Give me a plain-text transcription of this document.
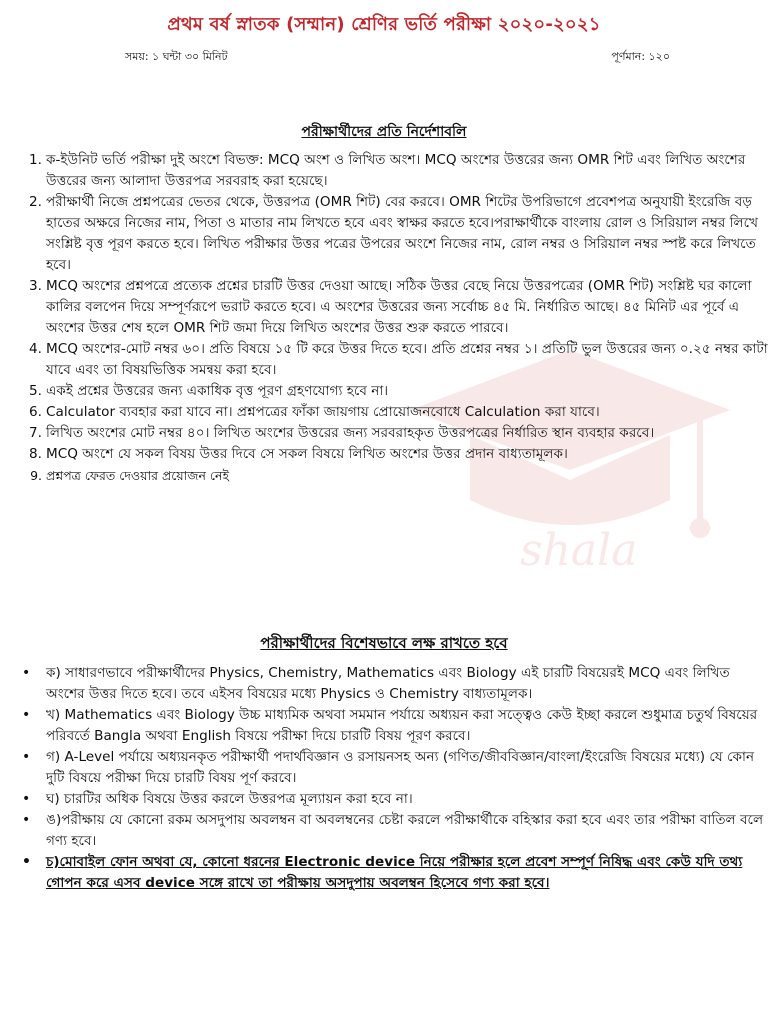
shala
প্রথম বর্ষ স্নাতক (সম্মান) শ্রেণির ভর্তি পরীক্ষা ২০২০-২০২১
সময়: ১ ঘন্টা ৩০ মিনিট	পূর্ণমান: ১২০
পরীক্ষার্থীদের প্রতি নির্দেশাবলি
1. ক-ইউনিট ভর্তি পরীক্ষা দুই অংশে বিভক্ত: MCQ অংশ ও লিখিত অংশ। MCQ অংশের উত্তরের জন্য OMR শিট এবং লিখিত অংশের উত্তরের জন্য আলাদা উত্তরপত্র সরবরাহ করা হয়েছে।
2. পরীক্ষার্থী নিজে প্রশ্নপত্রের ভেতর থেকে, উত্তরপত্র (OMR শিট) বের করবে। OMR শিটের উপরিভাগে প্রবেশপত্র অনুযায়ী ইংরেজি বড় হাতের অক্ষরে নিজের নাম, পিতা ও মাতার নাম লিখতে হবে এবং স্বাক্ষর করতে হবে।পরাক্ষার্থীকে বাংলায় রোল ও সিরিয়াল নম্বর লিখে সংশ্লিষ্ট বৃত্ত পূরণ করতে হবে। লিখিত পরীক্ষার উত্তর পত্রের উপরের অংশে নিজের নাম, রোল নম্বর ও সিরিয়াল নম্বর স্পষ্ট করে লিখতে হবে।
3. MCQ অংশের প্রশ্নপত্রে প্রত্যেক প্রশ্নের চারটি উত্তর দেওয়া আছে। সঠিক উত্তর বেছে নিয়ে উত্তরপত্রের (OMR শিট) সংশ্লিষ্ট ঘর কালো কালির বলপেন দিয়ে সম্পূর্ণরূপে ভরাট করতে হবে। এ অংশের উত্তরের জন্য সর্বোচ্চ ৪৫ মি. নির্ধারিত আছে। ৪৫ মিনিট এর পূর্বে এ অংশের উত্তর শেষ হলে OMR শিট জমা দিয়ে লিখিত অংশের উত্তর শুরু করতে পারবে।
4. MCQ অংশের-মোট নম্বর ৬০। প্রতি বিষয়ে ১৫ টি করে উত্তর দিতে হবে। প্রতি প্রশ্নের নম্বর ১। প্রতিটি ভুল উত্তরের জন্য ০.২৫ নম্বর কাটা যাবে এবং তা বিষয়ভিত্তিক সমন্বয় করা হবে।
5. একই প্রশ্নের উত্তরের জন্য একাধিক বৃত্ত পূরণ গ্রহণযোগ্য হবে না।
6. Calculator ব্যবহার করা যাবে না। প্রশ্নপত্রের ফাঁকা জায়গায় প্রোয়োজনবোধে Calculation করা যাবে।
7. লিখিত অংশের মোট নম্বর ৪০। লিখিত অংশের উত্তরের জন্য সরবরাহকৃত উত্তরপত্রের নির্ধারিত স্থান ব্যবহার করবে।
8. MCQ অংশে যে সকল বিষয় উত্তর দিবে সে সকল বিষয়ে লিখিত অংশের উত্তর প্রদান বাধ্যতামূলক।
9. প্রশ্নপত্র ফেরত দেওয়ার প্রয়োজন নেই
পরীক্ষার্থীদের বিশেষভাবে লক্ষ রাখতে হবে
• ক) সাধারণভাবে পরীক্ষার্থীদের Physics, Chemistry, Mathematics এবং Biology এই চারটি বিষয়েরই MCQ এবং লিখিত অংশের উত্তর দিতে হবে। তবে এইসব বিষয়ের মধ্যে Physics ও Chemistry বাধ্যতামূলক।
• খ) Mathematics এবং Biology উচ্চ মাধ্যমিক অথবা সমমান পর্যায়ে অধ্যয়ন করা সত্ত্বেও কেউ ইচ্ছা করলে শুধুমাত্র চতুর্থ বিষয়ের পরিবর্তে Bangla অথবা English বিষয়ে পরীক্ষা দিয়ে চারটি বিষয় পূরণ করবে।
• গ) A-Level পর্যায়ে অধ্যয়নকৃত পরীক্ষার্থী পদার্থবিজ্ঞান ও রসায়নসহ অন্য (গণিত/জীববিজ্ঞান/বাংলা/ইংরেজি বিষয়ের মধ্যে) যে কোন দুটি বিষয়ে পরীক্ষা দিয়ে চারটি বিষয় পূর্ণ করবে।
• ঘ) চারটির অধিক বিষয়ে উত্তর করলে উত্তরপত্র মূল্যায়ন করা হবে না।
• ঙ)পরীক্ষায় যে কোনো রকম অসদুপায় অবলম্বন বা অবলম্বনের চেষ্টা করলে পরীক্ষার্থীকে বহিস্কার করা হবে এবং তার পরীক্ষা বাতিল বলে গণ্য হবে।
• চ)মোবাইল ফোন অথবা যে, কোনো ধরনের Electronic device নিয়ে পরীক্ষার হলে প্রবেশ সম্পূর্ণ নিষিদ্ধ এবং কেউ যদি তথ্য গোপন করে এসব device সঙ্গে রাখে তা পরীক্ষায় অসদুপায় অবলম্বন হিসেবে গণ্য করা হবে।
